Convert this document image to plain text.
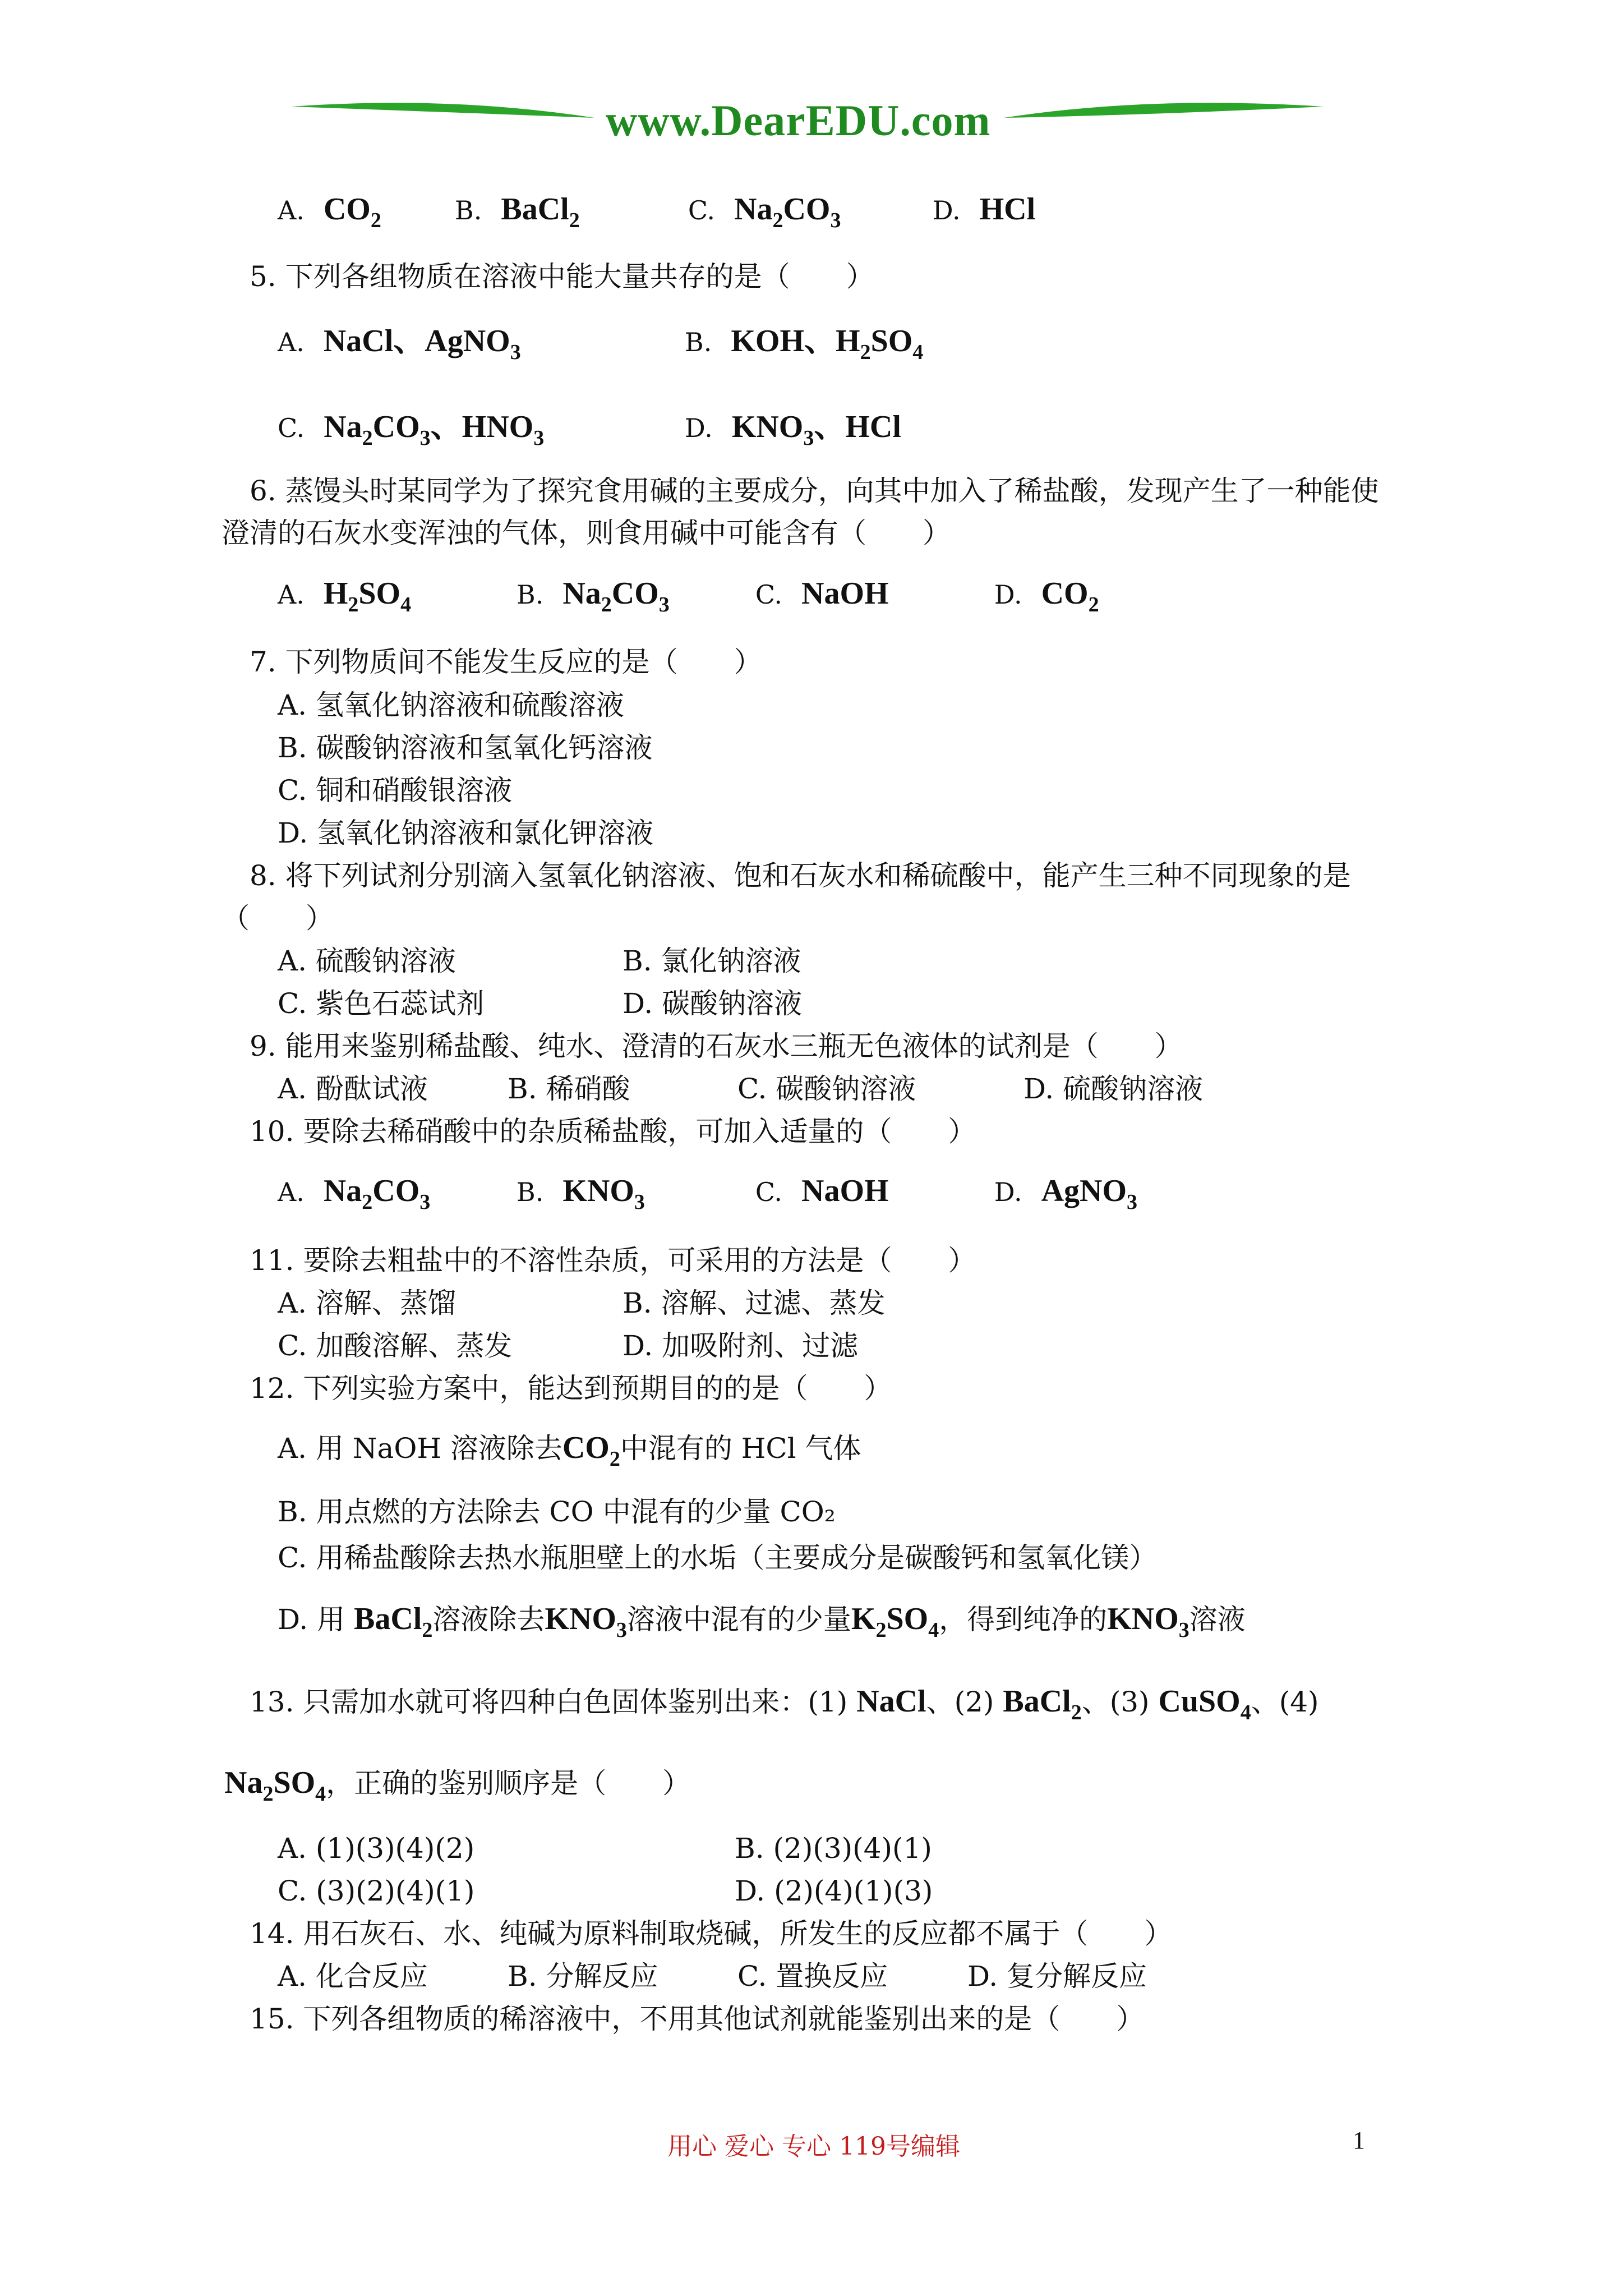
www.DearEDU.com
A. $CO_2$	B. BaCl$_2$	C. $Na_2CO_3$	D. HCl
5. 下列各组物质在溶液中能大量共存的是（　　）
A. NaCl、AgNO$_3$	B. KOH、$H_2SO_4$
C. $Na_2CO_3$、$HNO_3$	D. $KNO_3$、HCl
6. 蒸馒头时某同学为了探究食用碱的主要成分，向其中加入了稀盐酸，发现产生了一种能使
澄清的石灰水变浑浊的气体，则食用碱中可能含有（　　）
A. $H_2SO_4$	B. $Na_2CO_3$	C. NaOH	D. $CO_2$
7. 下列物质间不能发生反应的是（　　）
A. 氢氧化钠溶液和硫酸溶液
B. 碳酸钠溶液和氢氧化钙溶液
C. 铜和硝酸银溶液
D. 氢氧化钠溶液和氯化钾溶液
8. 将下列试剂分别滴入氢氧化钠溶液、饱和石灰水和稀硫酸中，能产生三种不同现象的是
（　　）
A. 硫酸钠溶液	B. 氯化钠溶液
C. 紫色石蕊试剂	D. 碳酸钠溶液
9. 能用来鉴别稀盐酸、纯水、澄清的石灰水三瓶无色液体的试剂是（　　）
A. 酚酞试液	B. 稀硝酸	C. 碳酸钠溶液	D. 硫酸钠溶液
10. 要除去稀硝酸中的杂质稀盐酸，可加入适量的（　　）
A. $Na_2CO_3$	B. $KNO_3$	C. NaOH	D. AgNO$_3$
11. 要除去粗盐中的不溶性杂质，可采用的方法是（　　）
A. 溶解、蒸馏	B. 溶解、过滤、蒸发
C. 加酸溶解、蒸发	D. 加吸附剂、过滤
12. 下列实验方案中，能达到预期目的的是（　　）
A. 用 NaOH 溶液除去$CO_2$中混有的 HCl 气体
B. 用点燃的方法除去 CO 中混有的少量 CO₂
C. 用稀盐酸除去热水瓶胆壁上的水垢（主要成分是碳酸钙和氢氧化镁）
D. 用 BaCl$_2$溶液除去$KNO_3$溶液中混有的少量$K_2SO_4$，得到纯净的$KNO_3$溶液
13. 只需加水就可将四种白色固体鉴别出来：(1) NaCl、(2) BaCl$_2$、(3) CuSO$_4$、(4)
$Na_2SO_4$，正确的鉴别顺序是（　　）
A. (1)(3)(4)(2)	B. (2)(3)(4)(1)
C. (3)(2)(4)(1)	D. (2)(4)(1)(3)
14. 用石灰石、水、纯碱为原料制取烧碱，所发生的反应都不属于（　　）
A. 化合反应	B. 分解反应	C. 置换反应	D. 复分解反应
15. 下列各组物质的稀溶液中，不用其他试剂就能鉴别出来的是（　　）
用心 爱心 专心 119号编辑	1
